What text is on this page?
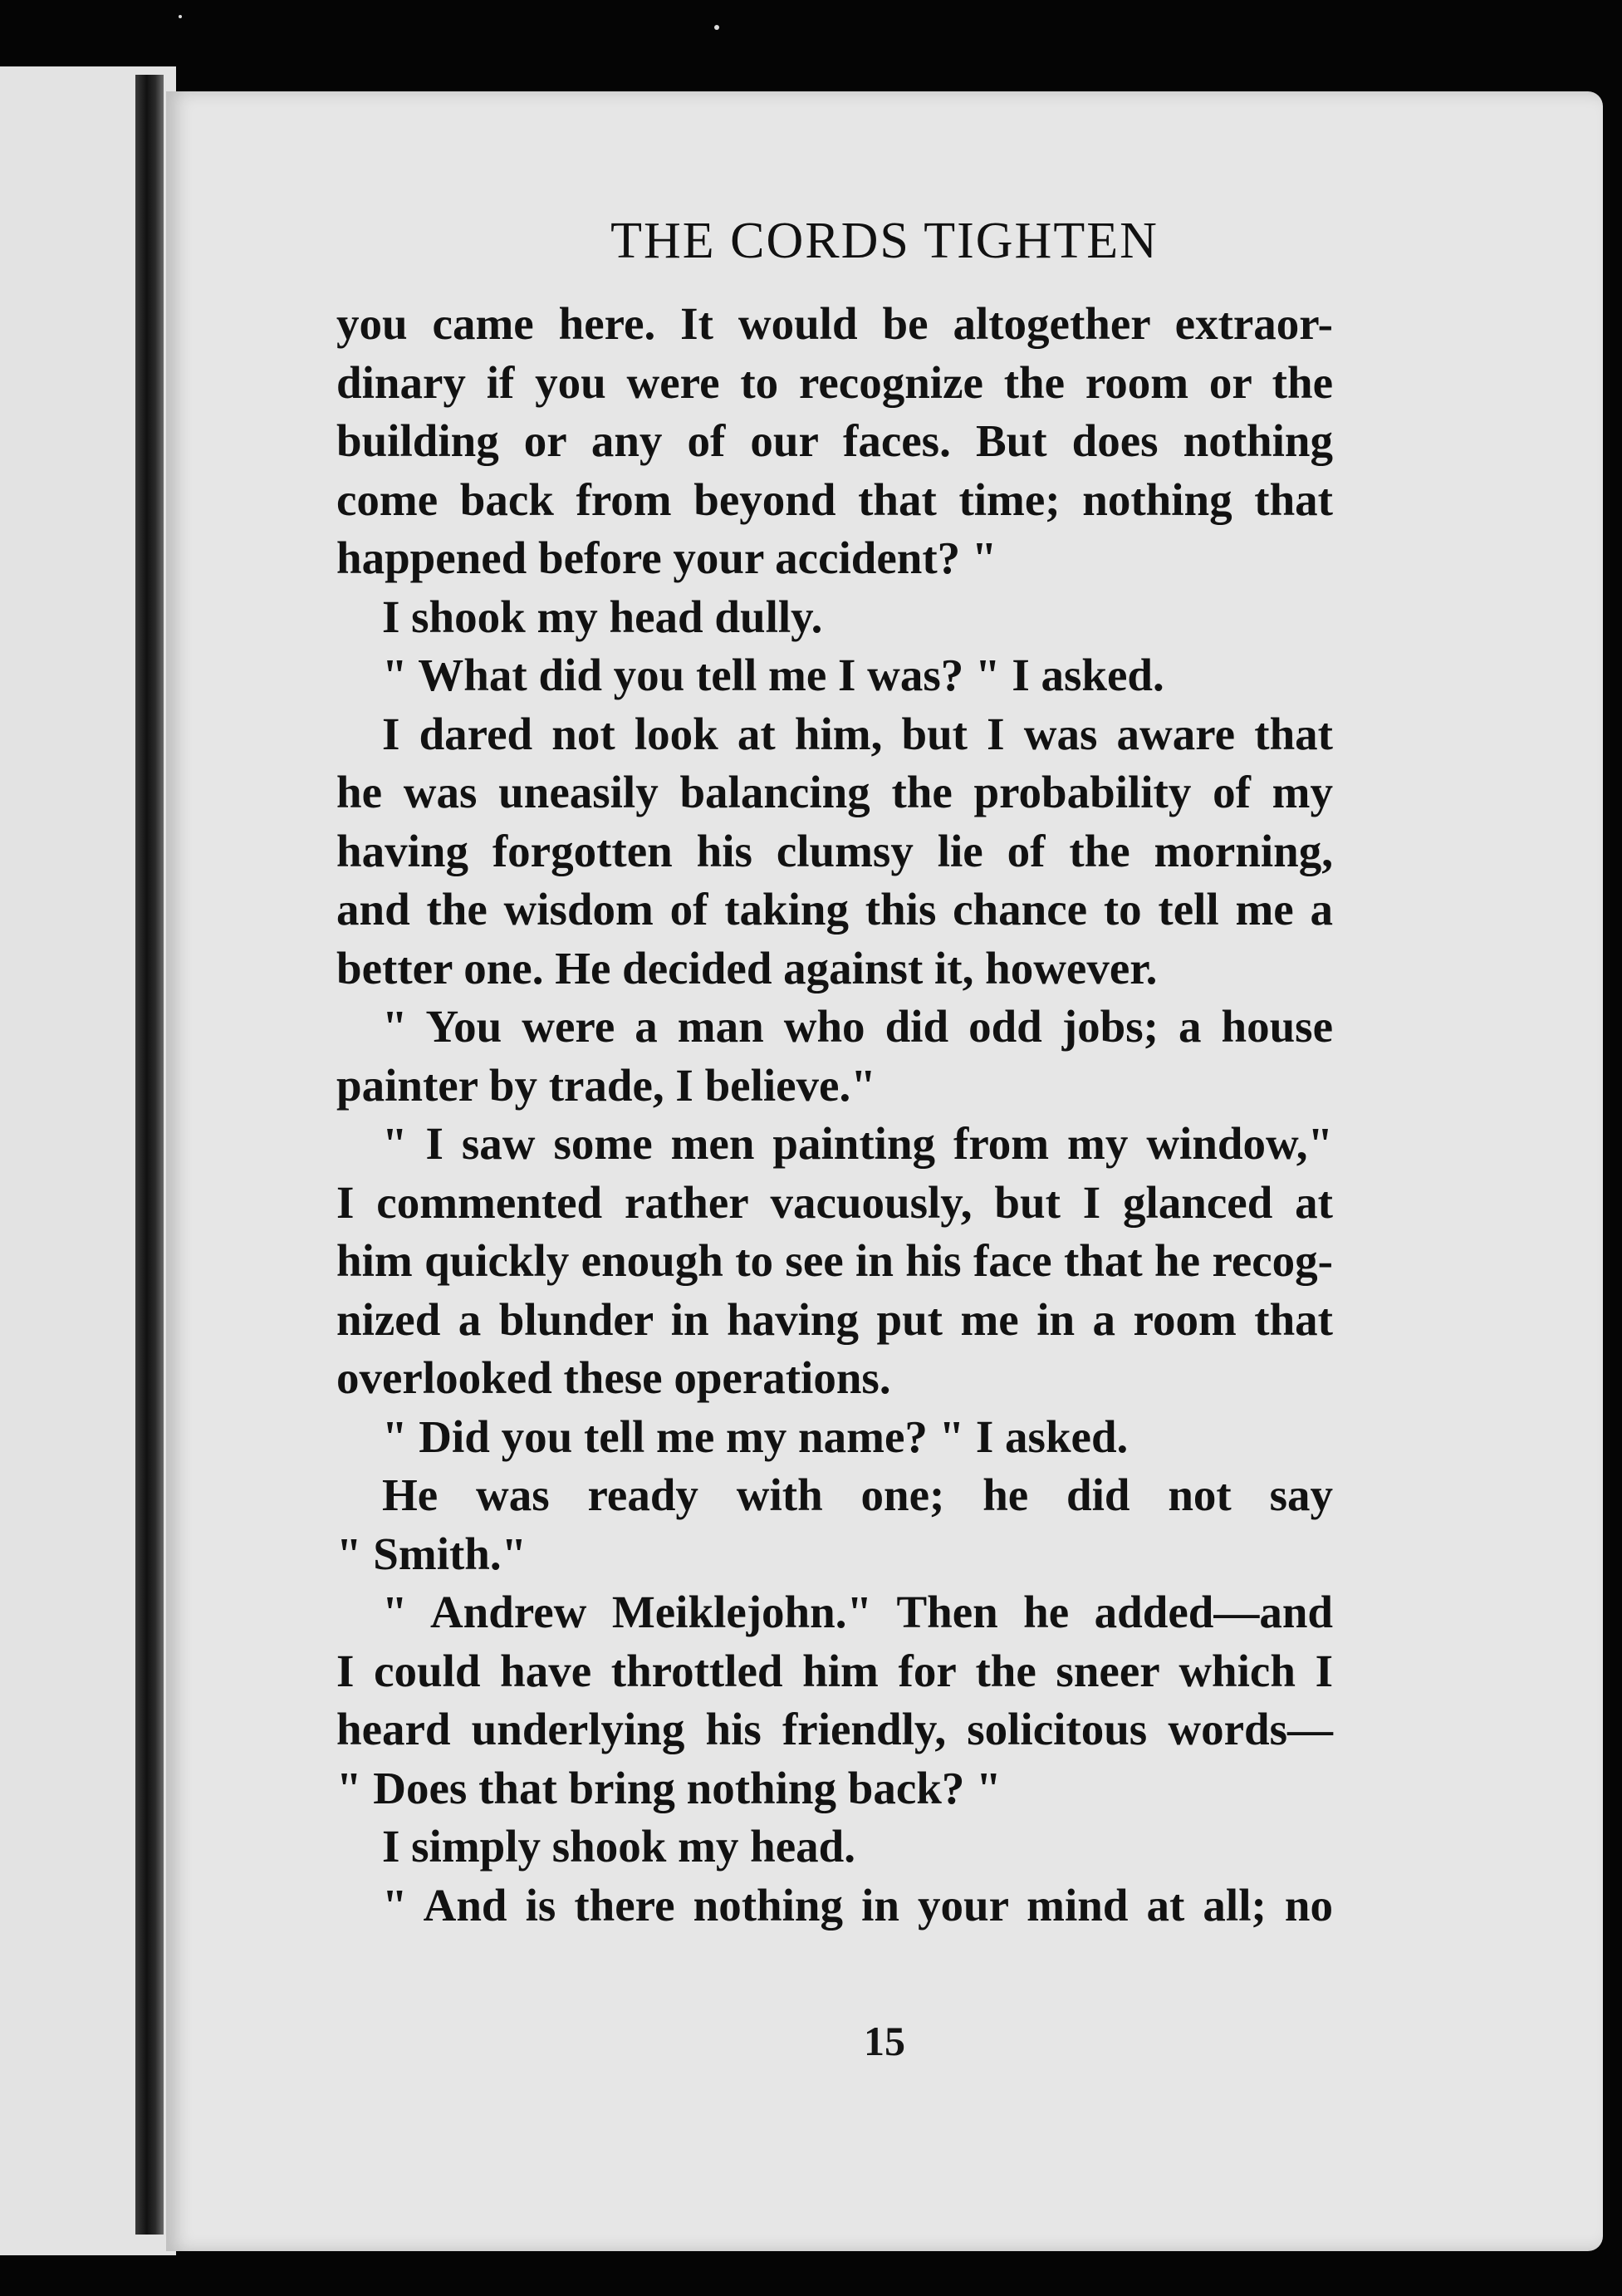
THE CORDS TIGHTEN
you came here. It would be altogether extraor-
dinary if you were to recognize the room or the
building or any of our faces. But does nothing
come back from beyond that time; nothing that
happened before your accident? "
I shook my head dully.
" What did you tell me I was? " I asked.
I dared not look at him, but I was aware that
he was uneasily balancing the probability of my
having forgotten his clumsy lie of the morning,
and the wisdom of taking this chance to tell me a
better one. He decided against it, however.
" You were a man who did odd jobs; a house
painter by trade, I believe."
" I saw some men painting from my window,"
I commented rather vacuously, but I glanced at
him quickly enough to see in his face that he recog-
nized a blunder in having put me in a room that
overlooked these operations.
" Did you tell me my name? " I asked.
He was ready with one; he did not say
" Smith."
" Andrew Meiklejohn." Then he added—and
I could have throttled him for the sneer which I
heard underlying his friendly, solicitous words—
" Does that bring nothing back? "
I simply shook my head.
" And is there nothing in your mind at all; no
15
